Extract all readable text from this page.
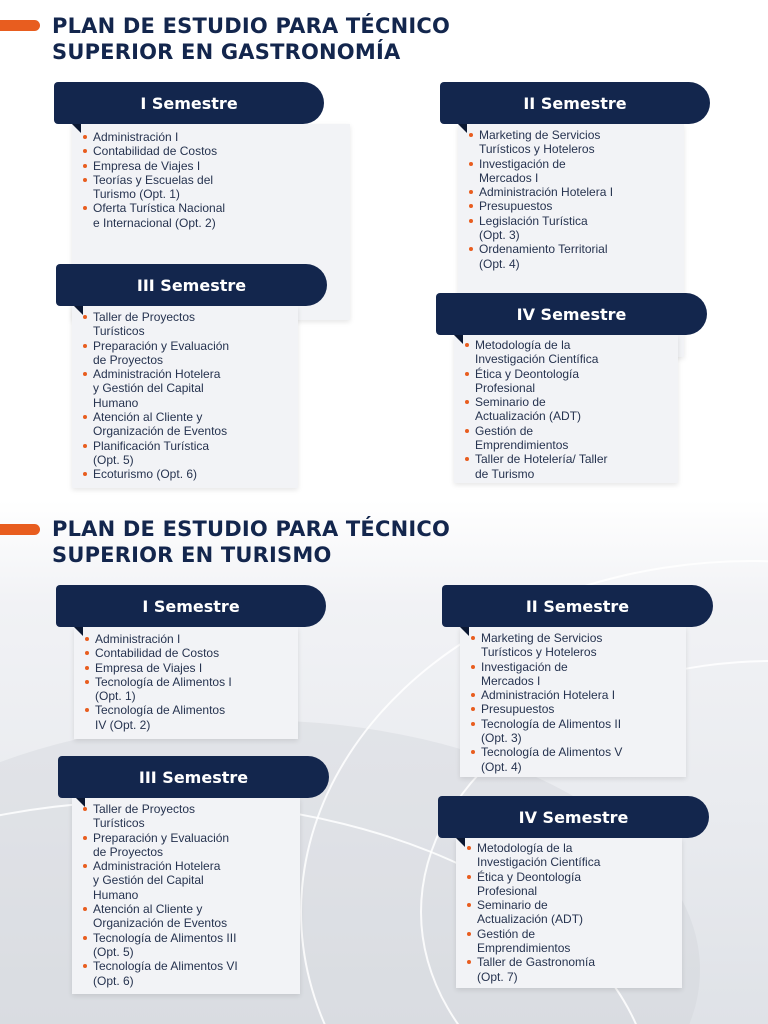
PLAN DE ESTUDIO PARA TÉCNICO
SUPERIOR EN GASTRONOMÍA
I Semestre
Administración I
Contabilidad de Costos
Empresa de Viajes I
Teorías y Escuelas del
Turismo (Opt. 1)
Oferta Turística Nacional
e Internacional (Opt. 2)
II Semestre
Marketing de Servicios
Turísticos y Hoteleros
Investigación de
Mercados I
Administración Hotelera I
Presupuestos
Legislación Turística
(Opt. 3)
Ordenamiento Territorial
(Opt. 4)
III Semestre
Taller de Proyectos
Turísticos
Preparación y Evaluación
de Proyectos
Administración Hotelera
y Gestión del Capital
Humano
Atención al Cliente y
Organización de Eventos
Planificación Turística
(Opt. 5)
Ecoturismo (Opt. 6)
IV Semestre
Metodología de la
Investigación Científica
Ética y Deontología
Profesional
Seminario de
Actualización (ADT)
Gestión de
Emprendimientos
Taller de Hotelería/ Taller
de Turismo
PLAN DE ESTUDIO PARA TÉCNICO
SUPERIOR EN TURISMO
I Semestre
Administración I
Contabilidad de Costos
Empresa de Viajes I
Tecnología de Alimentos I
(Opt. 1)
Tecnología de Alimentos
IV (Opt. 2)
II Semestre
Marketing de Servicios
Turísticos y Hoteleros
Investigación de
Mercados I
Administración Hotelera I
Presupuestos
Tecnología de Alimentos II
(Opt. 3)
Tecnología de Alimentos V
(Opt. 4)
III Semestre
Taller de Proyectos
Turísticos
Preparación y Evaluación
de Proyectos
Administración Hotelera
y Gestión del Capital
Humano
Atención al Cliente y
Organización de Eventos
Tecnología de Alimentos III
(Opt. 5)
Tecnología de Alimentos VI
(Opt. 6)
IV Semestre
Metodología de la
Investigación Científica
Ética y Deontología
Profesional
Seminario de
Actualización (ADT)
Gestión de
Emprendimientos
Taller de Gastronomía
(Opt. 7)
